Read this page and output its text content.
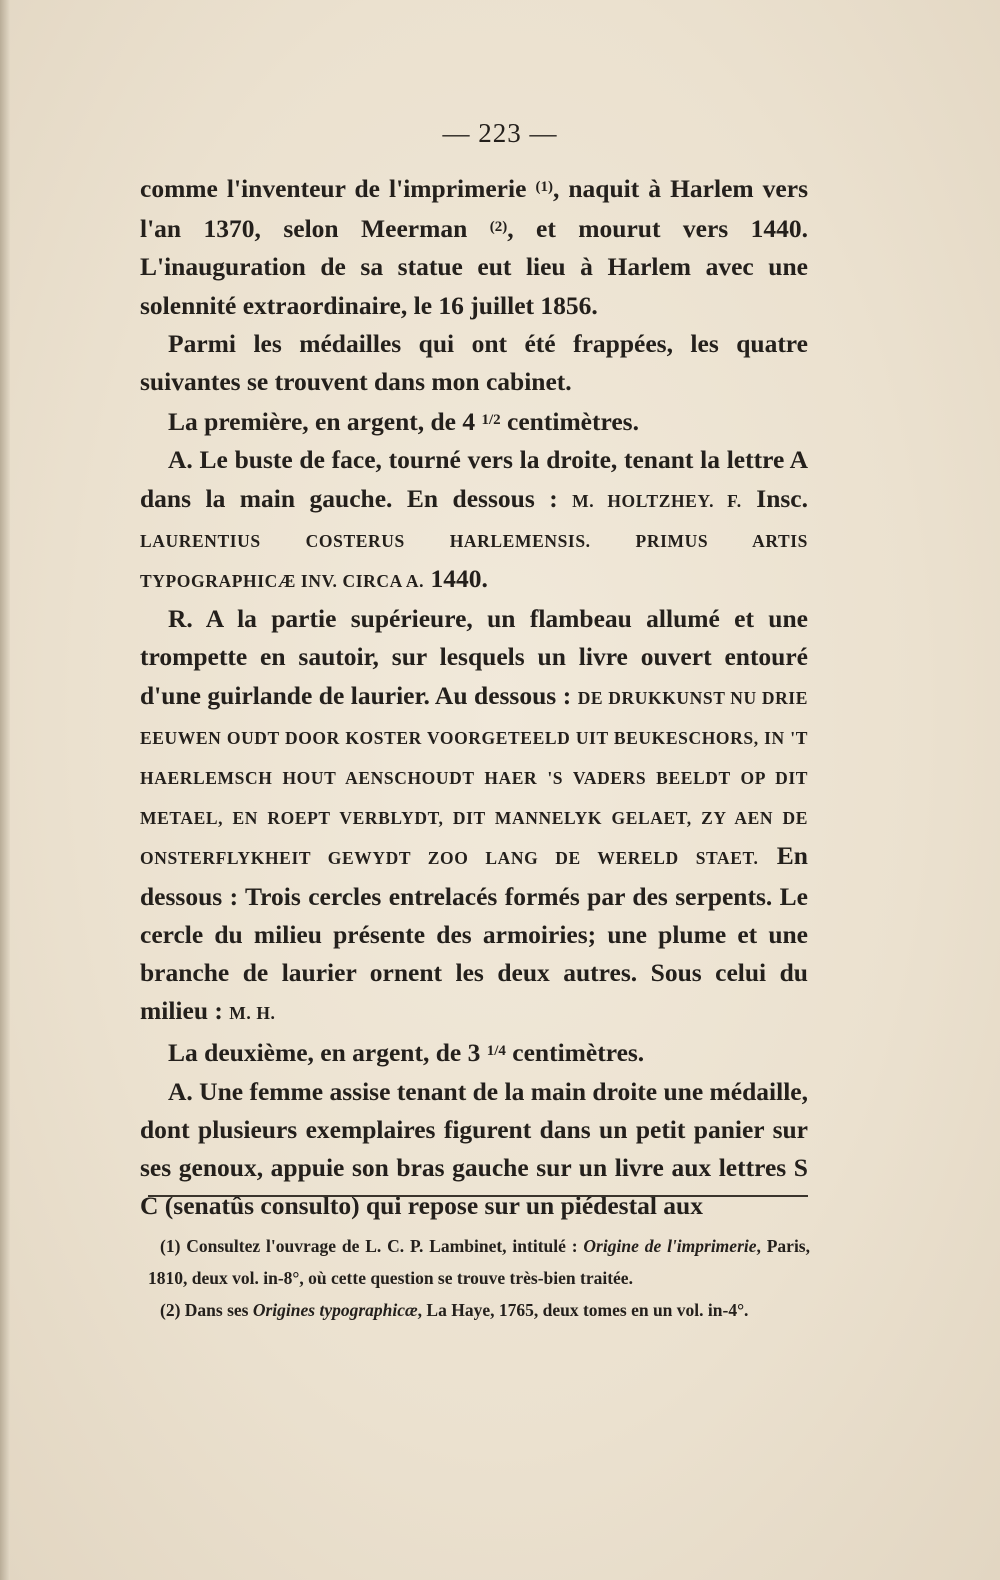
— 223 —

comme l'inventeur de l'imprimerie $^{(1)}$, naquit à Harlem vers l'an 1370, selon Meerman $^{(2)}$, et mourut vers 1440. L'inauguration de sa statue eut lieu à Harlem avec une solennité extraordinaire, le 16 juillet 1856.

Parmi les médailles qui ont été frappées, les quatre suivantes se trouvent dans mon cabinet.

La première, en argent, de 4 $^{1/2}$ centimètres.

A. Le buste de face, tourné vers la droite, tenant la lettre A dans la main gauche. En dessous : M. HOLTZHEY. F. Insc. LAURENTIUS COSTERUS HARLEMENSIS. PRIMUS ARTIS TYPOGRAPHICÆ INV. CIRCA A. 1440.

R. A la partie supérieure, un flambeau allumé et une trompette en sautoir, sur lesquels un livre ouvert entouré d'une guirlande de laurier. Au dessous : DE DRUKKUNST NU DRIE EEUWEN OUDT DOOR KOSTER VOORGETEELD UIT BEUKESCHORS, IN 'T HAERLEMSCH HOUT AENSCHOUDT HAER 'S VADERS BEELDT OP DIT METAEL, EN ROEPT VERBLYDT, DIT MANNELYK GELAET, ZY AEN DE ONSTERFLYKHEIT GEWYDT ZOO LANG DE WERELD STAET. En dessous : Trois cercles entrelacés formés par des serpents. Le cercle du milieu présente des armoiries; une plume et une branche de laurier ornent les deux autres. Sous celui du milieu : M. H.

La deuxième, en argent, de 3 $^{1/4}$ centimètres.

A. Une femme assise tenant de la main droite une médaille, dont plusieurs exemplaires figurent dans un petit panier sur ses genoux, appuie son bras gauche sur un livre aux lettres S C (senatûs consulto) qui repose sur un piédestal aux

(1) Consultez l'ouvrage de L. C. P. Lambinet, intitulé : Origine de l'imprimerie, Paris, 1810, deux vol. in-8°, où cette question se trouve très-bien traitée.

(2) Dans ses Origines typographicæ, La Haye, 1765, deux tomes en un vol. in-4°.
